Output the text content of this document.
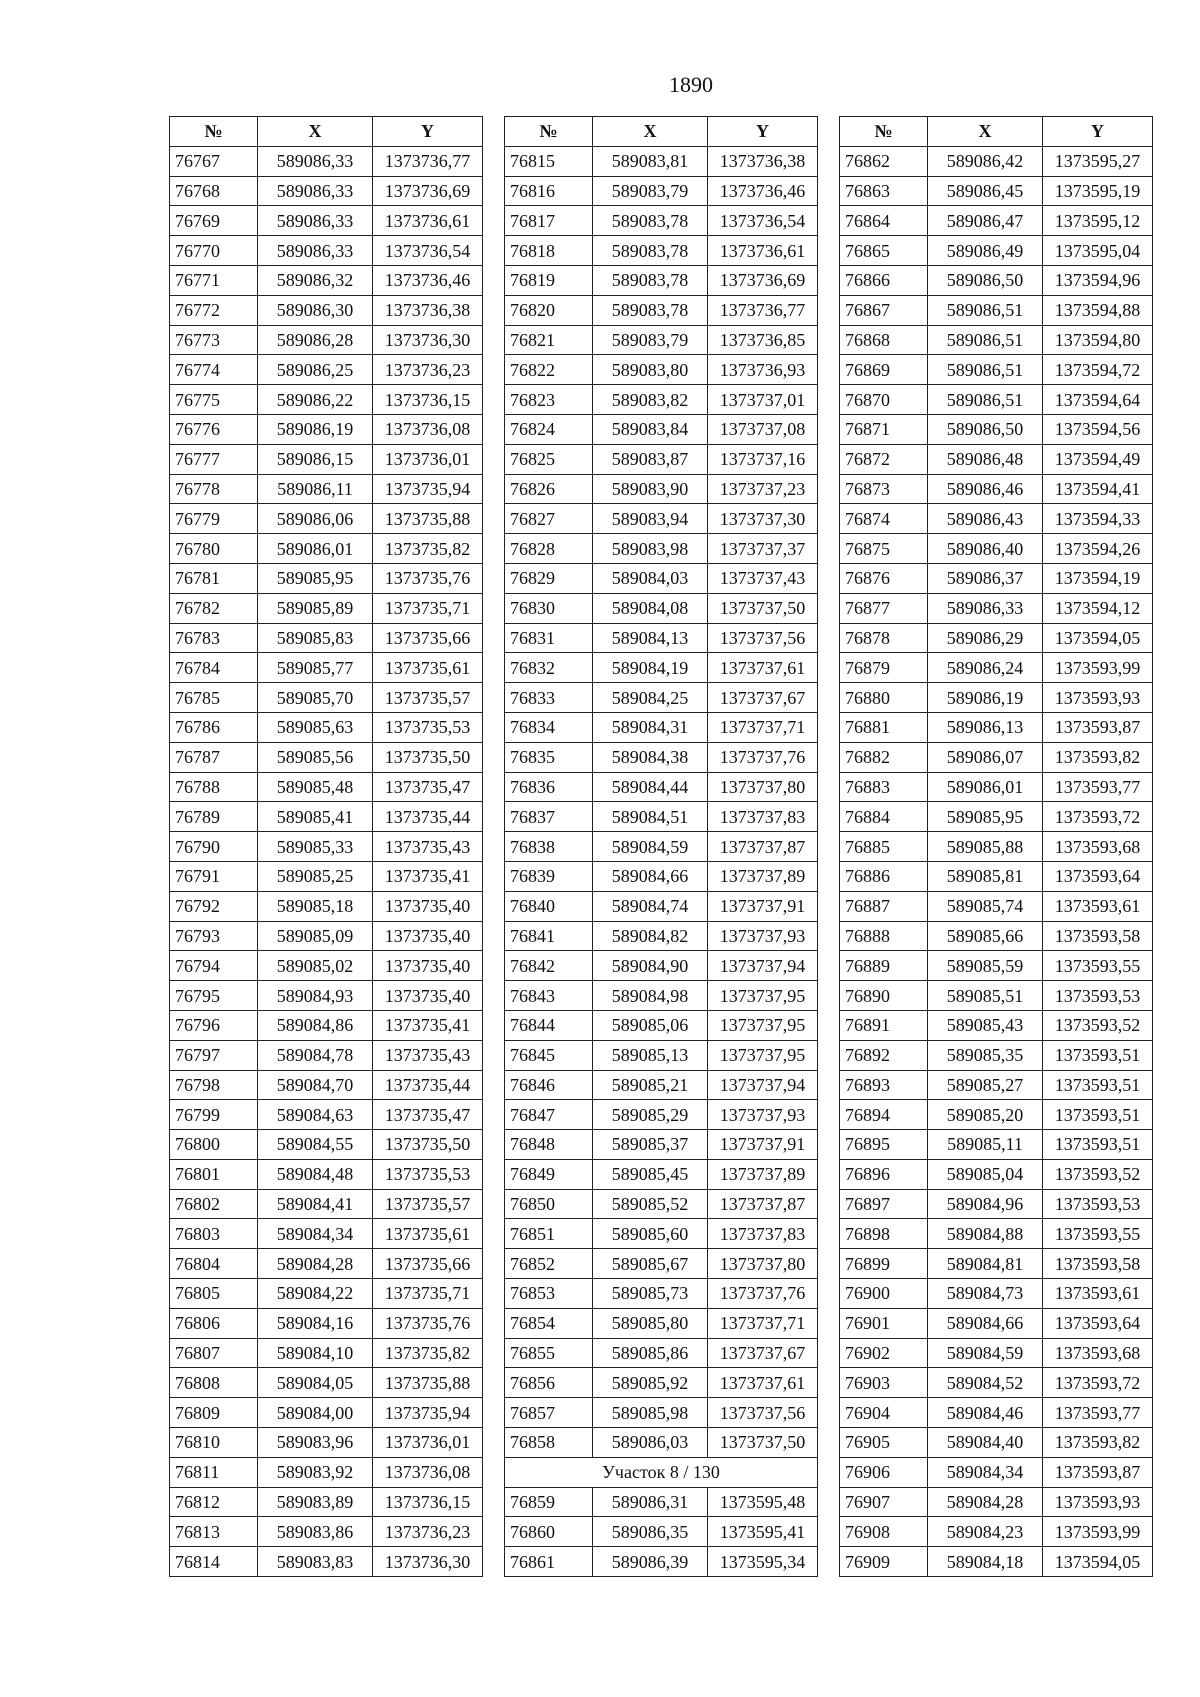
1890
№	X	Y
76767	589086,33	1373736,77
76768	589086,33	1373736,69
76769	589086,33	1373736,61
76770	589086,33	1373736,54
76771	589086,32	1373736,46
76772	589086,30	1373736,38
76773	589086,28	1373736,30
76774	589086,25	1373736,23
76775	589086,22	1373736,15
76776	589086,19	1373736,08
76777	589086,15	1373736,01
76778	589086,11	1373735,94
76779	589086,06	1373735,88
76780	589086,01	1373735,82
76781	589085,95	1373735,76
76782	589085,89	1373735,71
76783	589085,83	1373735,66
76784	589085,77	1373735,61
76785	589085,70	1373735,57
76786	589085,63	1373735,53
76787	589085,56	1373735,50
76788	589085,48	1373735,47
76789	589085,41	1373735,44
76790	589085,33	1373735,43
76791	589085,25	1373735,41
76792	589085,18	1373735,40
76793	589085,09	1373735,40
76794	589085,02	1373735,40
76795	589084,93	1373735,40
76796	589084,86	1373735,41
76797	589084,78	1373735,43
76798	589084,70	1373735,44
76799	589084,63	1373735,47
76800	589084,55	1373735,50
76801	589084,48	1373735,53
76802	589084,41	1373735,57
76803	589084,34	1373735,61
76804	589084,28	1373735,66
76805	589084,22	1373735,71
76806	589084,16	1373735,76
76807	589084,10	1373735,82
76808	589084,05	1373735,88
76809	589084,00	1373735,94
76810	589083,96	1373736,01
76811	589083,92	1373736,08
76812	589083,89	1373736,15
76813	589083,86	1373736,23
76814	589083,83	1373736,30
№	X	Y
76815	589083,81	1373736,38
76816	589083,79	1373736,46
76817	589083,78	1373736,54
76818	589083,78	1373736,61
76819	589083,78	1373736,69
76820	589083,78	1373736,77
76821	589083,79	1373736,85
76822	589083,80	1373736,93
76823	589083,82	1373737,01
76824	589083,84	1373737,08
76825	589083,87	1373737,16
76826	589083,90	1373737,23
76827	589083,94	1373737,30
76828	589083,98	1373737,37
76829	589084,03	1373737,43
76830	589084,08	1373737,50
76831	589084,13	1373737,56
76832	589084,19	1373737,61
76833	589084,25	1373737,67
76834	589084,31	1373737,71
76835	589084,38	1373737,76
76836	589084,44	1373737,80
76837	589084,51	1373737,83
76838	589084,59	1373737,87
76839	589084,66	1373737,89
76840	589084,74	1373737,91
76841	589084,82	1373737,93
76842	589084,90	1373737,94
76843	589084,98	1373737,95
76844	589085,06	1373737,95
76845	589085,13	1373737,95
76846	589085,21	1373737,94
76847	589085,29	1373737,93
76848	589085,37	1373737,91
76849	589085,45	1373737,89
76850	589085,52	1373737,87
76851	589085,60	1373737,83
76852	589085,67	1373737,80
76853	589085,73	1373737,76
76854	589085,80	1373737,71
76855	589085,86	1373737,67
76856	589085,92	1373737,61
76857	589085,98	1373737,56
76858	589086,03	1373737,50
Участок 8 / 130		
76859	589086,31	1373595,48
76860	589086,35	1373595,41
76861	589086,39	1373595,34
№	X	Y
76862	589086,42	1373595,27
76863	589086,45	1373595,19
76864	589086,47	1373595,12
76865	589086,49	1373595,04
76866	589086,50	1373594,96
76867	589086,51	1373594,88
76868	589086,51	1373594,80
76869	589086,51	1373594,72
76870	589086,51	1373594,64
76871	589086,50	1373594,56
76872	589086,48	1373594,49
76873	589086,46	1373594,41
76874	589086,43	1373594,33
76875	589086,40	1373594,26
76876	589086,37	1373594,19
76877	589086,33	1373594,12
76878	589086,29	1373594,05
76879	589086,24	1373593,99
76880	589086,19	1373593,93
76881	589086,13	1373593,87
76882	589086,07	1373593,82
76883	589086,01	1373593,77
76884	589085,95	1373593,72
76885	589085,88	1373593,68
76886	589085,81	1373593,64
76887	589085,74	1373593,61
76888	589085,66	1373593,58
76889	589085,59	1373593,55
76890	589085,51	1373593,53
76891	589085,43	1373593,52
76892	589085,35	1373593,51
76893	589085,27	1373593,51
76894	589085,20	1373593,51
76895	589085,11	1373593,51
76896	589085,04	1373593,52
76897	589084,96	1373593,53
76898	589084,88	1373593,55
76899	589084,81	1373593,58
76900	589084,73	1373593,61
76901	589084,66	1373593,64
76902	589084,59	1373593,68
76903	589084,52	1373593,72
76904	589084,46	1373593,77
76905	589084,40	1373593,82
76906	589084,34	1373593,87
76907	589084,28	1373593,93
76908	589084,23	1373593,99
76909	589084,18	1373594,05
